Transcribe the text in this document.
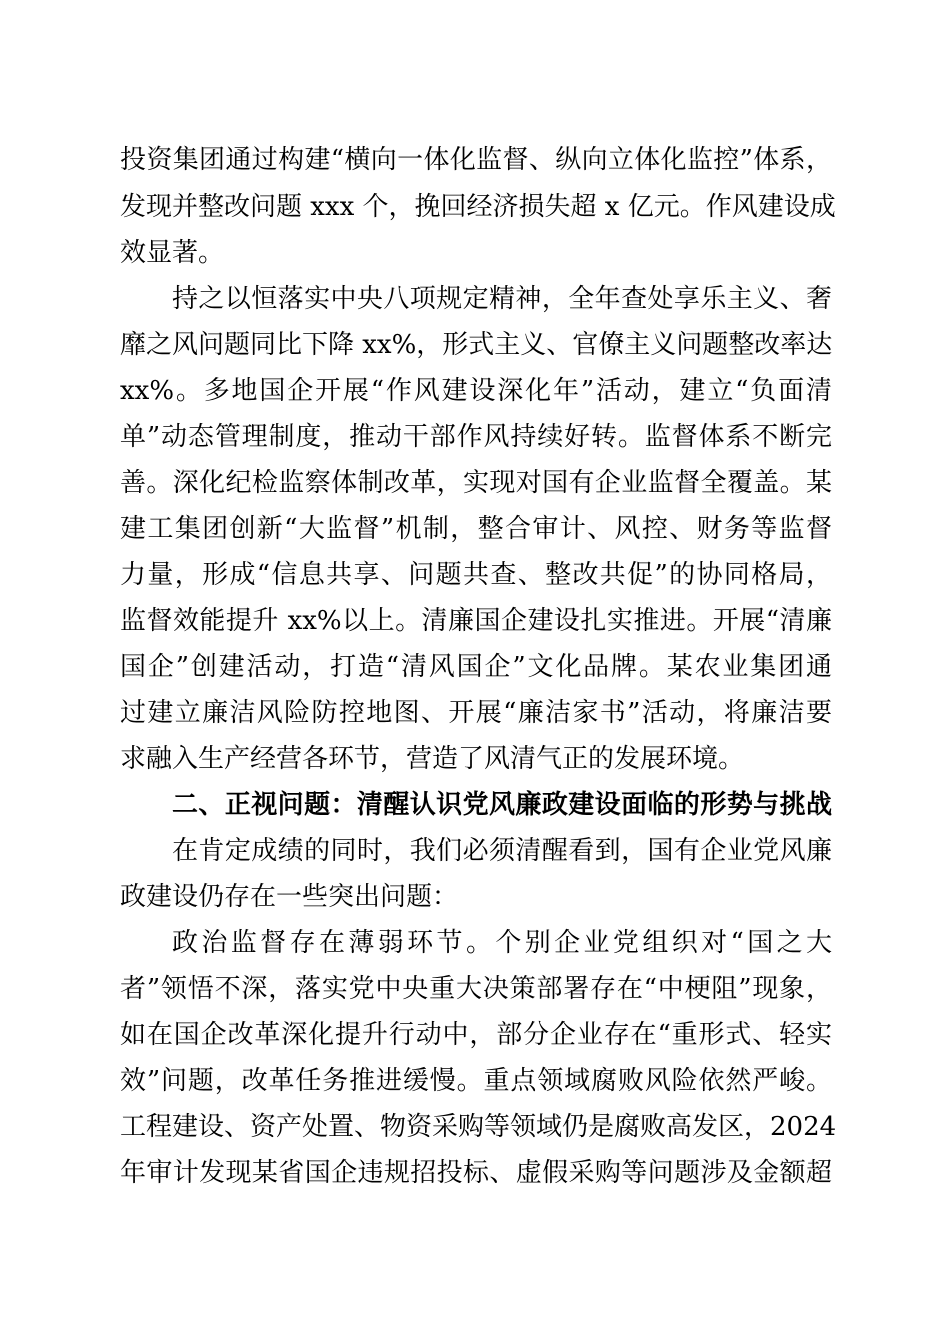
投资集团通过构建“横向一体化监督、纵向立体化监控”体系，
发现并整改问题 xxx 个，挽回经济损失超 x 亿元。作风建设成
效显著。
持之以恒落实中央八项规定精神，全年查处享乐主义、奢
靡之风问题同比下降 xx%，形式主义、官僚主义问题整改率达
xx%。多地国企开展“作风建设深化年”活动，建立“负面清
单”动态管理制度，推动干部作风持续好转。监督体系不断完
善。深化纪检监察体制改革，实现对国有企业监督全覆盖。某
建工集团创新“大监督”机制，整合审计、风控、财务等监督
力量，形成“信息共享、问题共查、整改共促”的协同格局，
监督效能提升 xx%以上。清廉国企建设扎实推进。开展“清廉
国企”创建活动，打造“清风国企”文化品牌。某农业集团通
过建立廉洁风险防控地图、开展“廉洁家书”活动，将廉洁要
求融入生产经营各环节，营造了风清气正的发展环境。
二、正视问题：清醒认识党风廉政建设面临的形势与挑战
在肯定成绩的同时，我们必须清醒看到，国有企业党风廉
政建设仍存在一些突出问题：
政治监督存在薄弱环节。个别企业党组织对“国之大
者”领悟不深，落实党中央重大决策部署存在“中梗阻”现象，
如在国企改革深化提升行动中，部分企业存在“重形式、轻实
效”问题，改革任务推进缓慢。重点领域腐败风险依然严峻。
工程建设、资产处置、物资采购等领域仍是腐败高发区，2024
年审计发现某省国企违规招投标、虚假采购等问题涉及金额超
